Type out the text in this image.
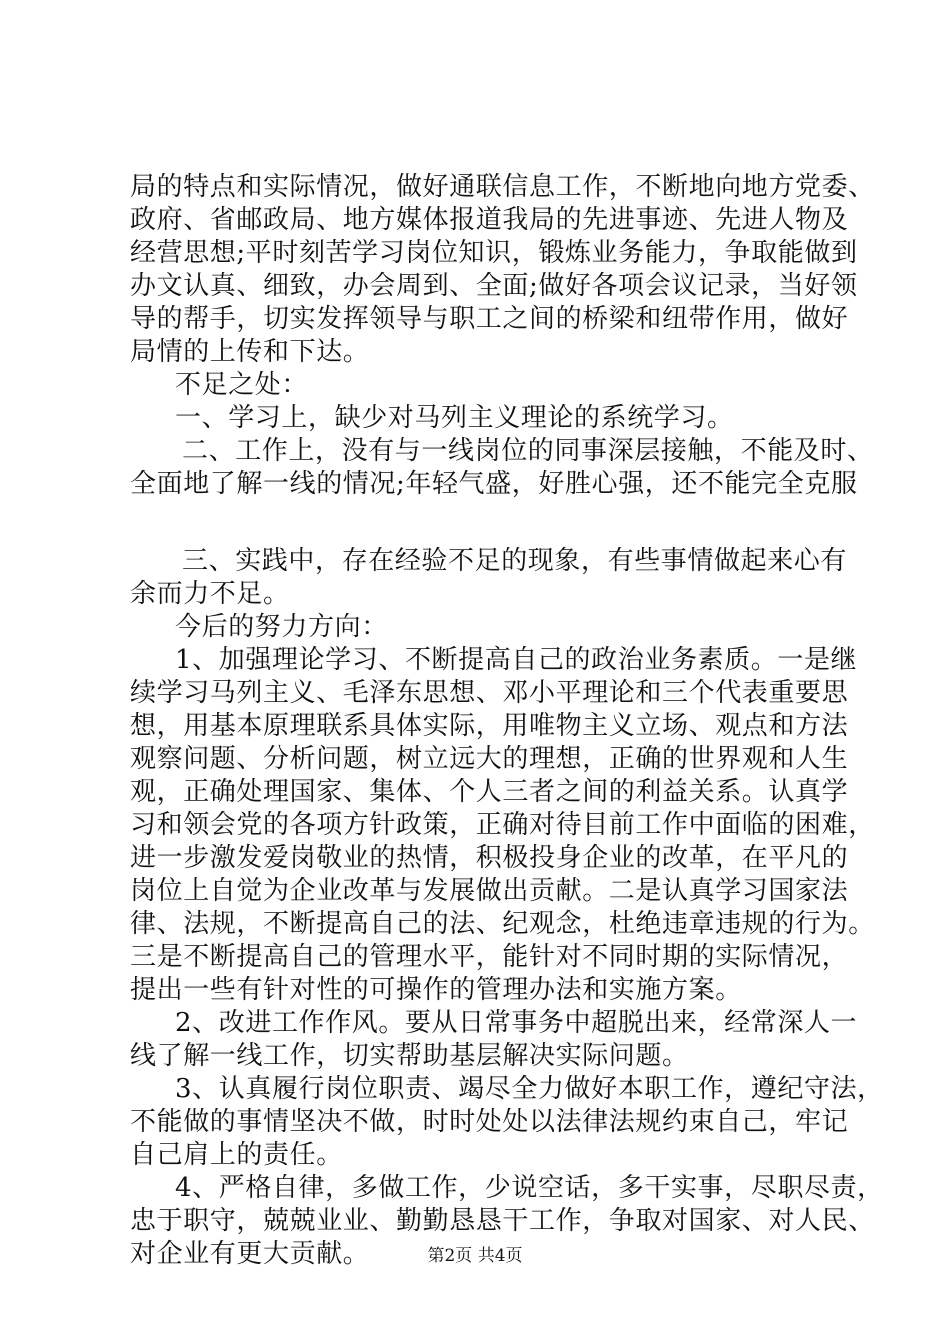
局的特点和实际情况，做好通联信息工作，不断地向地方党委、
政府、省邮政局、地方媒体报道我局的先进事迹、先进人物及
经营思想;平时刻苦学习岗位知识，锻炼业务能力，争取能做到
办文认真、细致，办会周到、全面;做好各项会议记录，当好领
导的帮手，切实发挥领导与职工之间的桥梁和纽带作用，做好
局情的上传和下达。
不足之处：
一、学习上，缺少对马列主义理论的系统学习。
二、工作上，没有与一线岗位的同事深层接触，不能及时、
全面地了解一线的情况;年轻气盛，好胜心强，还不能完全克服
三、实践中，存在经验不足的现象，有些事情做起来心有
余而力不足。
今后的努力方向：
1、加强理论学习、不断提高自己的政治业务素质。一是继
续学习马列主义、毛泽东思想、邓小平理论和三个代表重要思
想，用基本原理联系具体实际，用唯物主义立场、观点和方法
观察问题、分析问题，树立远大的理想，正确的世界观和人生
观，正确处理国家、集体、个人三者之间的利益关系。认真学
习和领会党的各项方针政策，正确对待目前工作中面临的困难，
进一步激发爱岗敬业的热情，积极投身企业的改革，在平凡的
岗位上自觉为企业改革与发展做出贡献。二是认真学习国家法
律、法规，不断提高自己的法、纪观念，杜绝违章违规的行为。
三是不断提高自己的管理水平，能针对不同时期的实际情况，
提出一些有针对性的可操作的管理办法和实施方案。
2、改进工作作风。要从日常事务中超脱出来，经常深人一
线了解一线工作，切实帮助基层解决实际问题。
3、认真履行岗位职责、竭尽全力做好本职工作，遵纪守法，
不能做的事情坚决不做，时时处处以法律法规约束自己，牢记
自己肩上的责任。
4、严格自律，多做工作，少说空话，多干实事，尽职尽责，
忠于职守，兢兢业业、勤勤恳恳干工作，争取对国家、对人民、
对企业有更大贡献。	第2页 共4页
